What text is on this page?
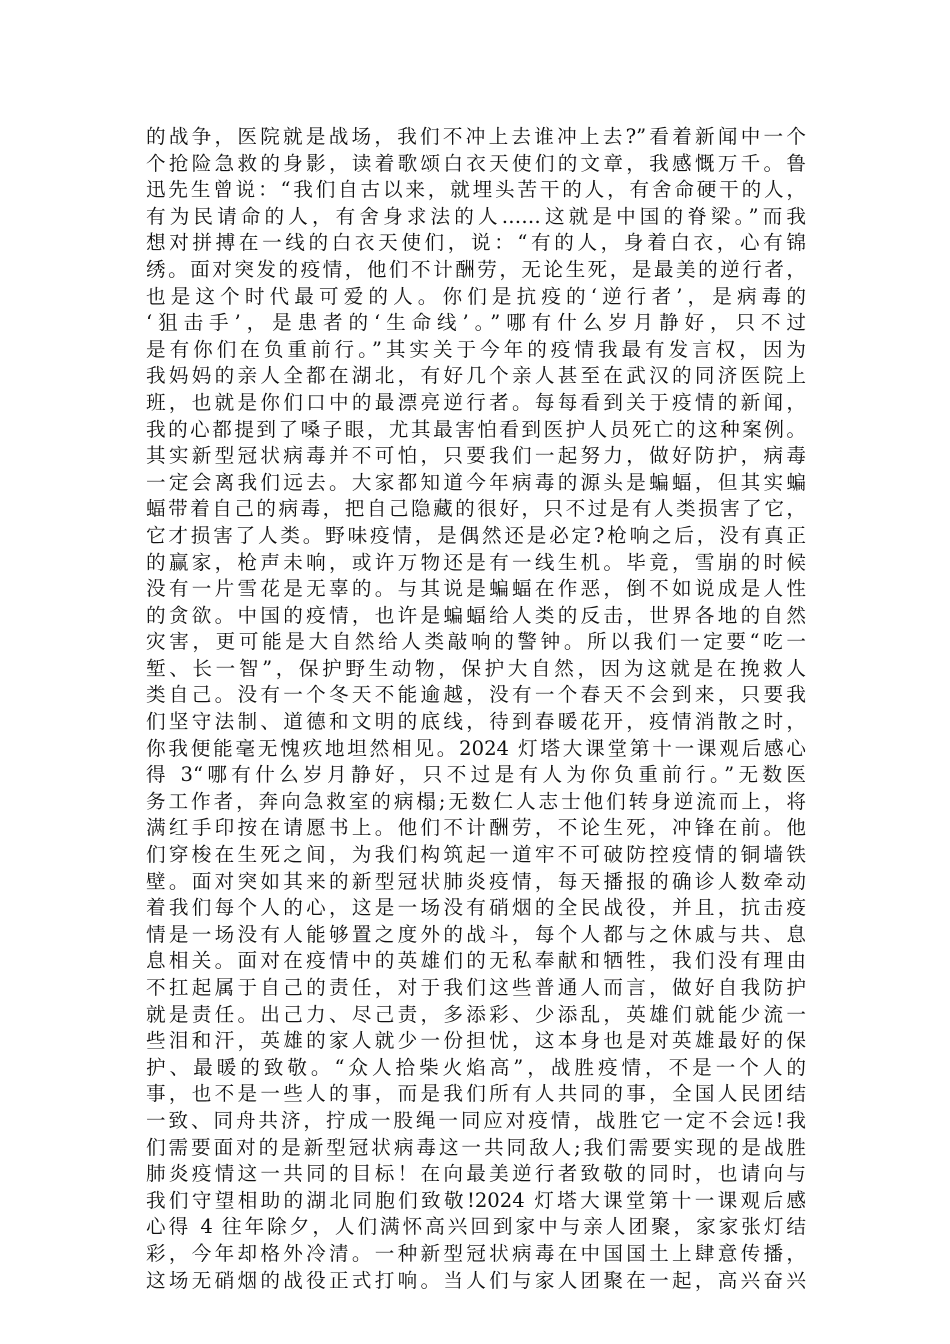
的战争，医院就是战场，我们不冲上去谁冲上去?”看着新闻中一个
个抢险急救的身影，读着歌颂白衣天使们的文章，我感慨万千。鲁
迅先生曾说：“我们自古以来，就埋头苦干的人，有舍命硬干的人，
有为民请命的人，有舍身求法的人……这就是中国的脊梁。”而我
想对拼搏在一线的白衣天使们，说：“有的人，身着白衣，心有锦
绣。面对突发的疫情，他们不计酬劳，无论生死，是最美的逆行者，
也是这个时代最可爱的人。你们是抗疫的‘逆行者’，是病毒的
‘狙击手’，是患者的‘生命线’。”哪有什么岁月静好，只不过
是有你们在负重前行。”其实关于今年的疫情我最有发言权，因为
我妈妈的亲人全都在湖北，有好几个亲人甚至在武汉的同济医院上
班，也就是你们口中的最漂亮逆行者。每每看到关于疫情的新闻，
我的心都提到了嗓子眼，尤其最害怕看到医护人员死亡的这种案例。
其实新型冠状病毒并不可怕，只要我们一起努力，做好防护，病毒
一定会离我们远去。大家都知道今年病毒的源头是蝙蝠，但其实蝙
蝠带着自己的病毒，把自己隐藏的很好，只不过是有人类损害了它，
它才损害了人类。野味疫情，是偶然还是必定?枪响之后，没有真正
的赢家，枪声未响，或许万物还是有一线生机。毕竟，雪崩的时候
没有一片雪花是无辜的。与其说是蝙蝠在作恶，倒不如说成是人性
的贪欲。中国的疫情，也许是蝙蝠给人类的反击，世界各地的自然
灾害，更可能是大自然给人类敲响的警钟。所以我们一定要“吃一
堑、长一智”，保护野生动物，保护大自然，因为这就是在挽救人
类自己。没有一个冬天不能逾越，没有一个春天不会到来，只要我
们坚守法制、道德和文明的底线，待到春暖花开，疫情消散之时，
你我便能毫无愧疚地坦然相见。2024 灯塔大课堂第十一课观后感心
得 3“哪有什么岁月静好，只不过是有人为你负重前行。”无数医
务工作者，奔向急救室的病榻;无数仁人志士他们转身逆流而上，将
满红手印按在请愿书上。他们不计酬劳，不论生死，冲锋在前。他
们穿梭在生死之间，为我们构筑起一道牢不可破防控疫情的铜墙铁
壁。面对突如其来的新型冠状肺炎疫情，每天播报的确诊人数牵动
着我们每个人的心，这是一场没有硝烟的全民战役，并且，抗击疫
情是一场没有人能够置之度外的战斗，每个人都与之休戚与共、息
息相关。面对在疫情中的英雄们的无私奉献和牺牲，我们没有理由
不扛起属于自己的责任，对于我们这些普通人而言，做好自我防护
就是责任。出己力、尽己责，多添彩、少添乱，英雄们就能少流一
些泪和汗，英雄的家人就少一份担忧，这本身也是对英雄最好的保
护、最暖的致敬。“众人拾柴火焰高”，战胜疫情，不是一个人的
事，也不是一些人的事，而是我们所有人共同的事，全国人民团结
一致、同舟共济，拧成一股绳一同应对疫情，战胜它一定不会远!我
们需要面对的是新型冠状病毒这一共同敌人;我们需要实现的是战胜
肺炎疫情这一共同的目标！在向最美逆行者致敬的同时，也请向与
我们守望相助的湖北同胞们致敬!2024 灯塔大课堂第十一课观后感
心得 4 往年除夕，人们满怀高兴回到家中与亲人团聚，家家张灯结
彩，今年却格外冷清。一种新型冠状病毒在中国国土上肆意传播，
这场无硝烟的战役正式打响。当人们与家人团聚在一起，高兴奋兴
